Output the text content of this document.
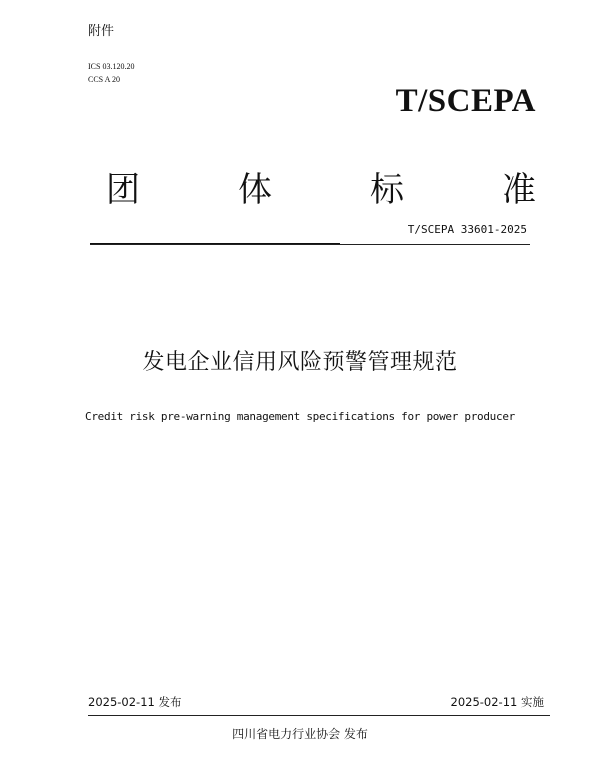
附件
ICS 03.120.20
CCS A 20
T/SCEPA
团	体	标	准
T/SCEPA 33601-2025
发电企业信用风险预警管理规范
Credit risk pre-warning management specifications for power producer
2025-02-11 发布	2025-02-11 实施
四川省电力行业协会 发布
